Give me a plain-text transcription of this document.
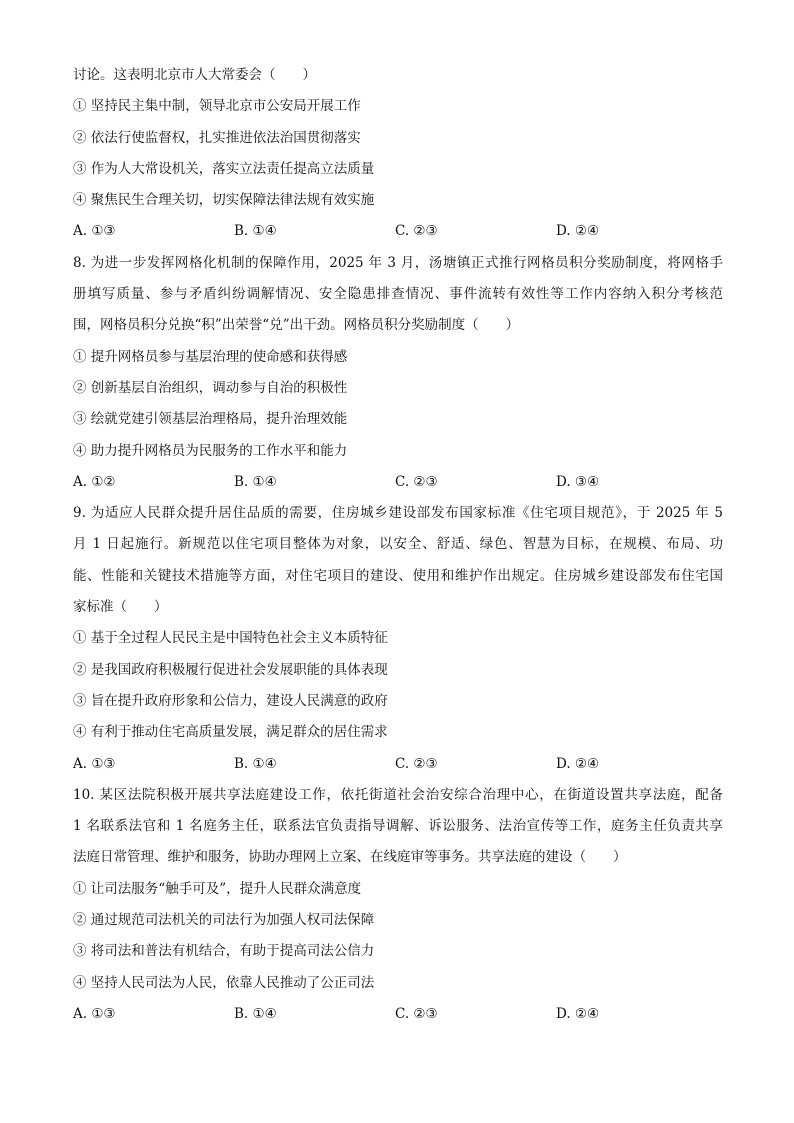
讨论。这表明北京市人大常委会（　　）
① 坚持民主集中制，领导北京市公安局开展工作
② 依法行使监督权，扎实推进依法治国贯彻落实
③ 作为人大常设机关，落实立法责任提高立法质量
④ 聚焦民生合理关切，切实保障法律法规有效实施
A. ①③	B. ①④	C. ②③	D. ②④
8. 为进一步发挥网格化机制的保障作用，2025 年 3 月，汤塘镇正式推行网格员积分奖励制度，将网格手
册填写质量、参与矛盾纠纷调解情况、安全隐患排查情况、事件流转有效性等工作内容纳入积分考核范
围，网格员积分兑换“积”出荣誉“兑”出干劲。网格员积分奖励制度（　　）
① 提升网格员参与基层治理的使命感和获得感
② 创新基层自治组织，调动参与自治的积极性
③ 绘就党建引领基层治理格局，提升治理效能
④ 助力提升网格员为民服务的工作水平和能力
A. ①②	B. ①④	C. ②③	D. ③④
9. 为适应人民群众提升居住品质的需要，住房城乡建设部发布国家标准《住宅项目规范》，于 2025 年 5
月 1 日起施行。新规范以住宅项目整体为对象，以安全、舒适、绿色、智慧为目标，在规模、布局、功
能、性能和关键技术措施等方面，对住宅项目的建设、使用和维护作出规定。住房城乡建设部发布住宅国
家标准（　　）
① 基于全过程人民民主是中国特色社会主义本质特征
② 是我国政府积极履行促进社会发展职能的具体表现
③ 旨在提升政府形象和公信力，建设人民满意的政府
④ 有利于推动住宅高质量发展，满足群众的居住需求
A. ①③	B. ①④	C. ②③	D. ②④
10. 某区法院积极开展共享法庭建设工作，依托街道社会治安综合治理中心，在街道设置共享法庭，配备
1 名联系法官和 1 名庭务主任，联系法官负责指导调解、诉讼服务、法治宣传等工作，庭务主任负责共享
法庭日常管理、维护和服务，协助办理网上立案、在线庭审等事务。共享法庭的建设（　　）
① 让司法服务“触手可及”，提升人民群众满意度
② 通过规范司法机关的司法行为加强人权司法保障
③ 将司法和普法有机结合，有助于提高司法公信力
④ 坚持人民司法为人民，依靠人民推动了公正司法
A. ①③	B. ①④	C. ②③	D. ②④
